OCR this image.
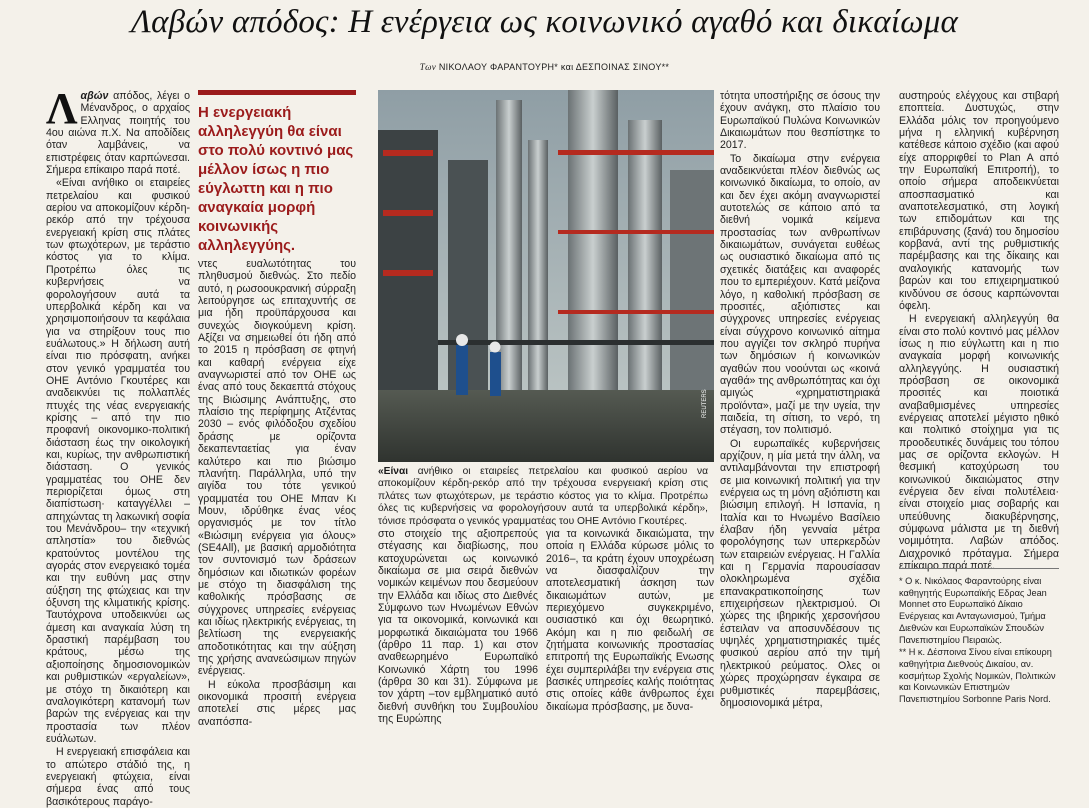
Λαβών απόδος: Η ενέργεια ως κοινωνικό αγαθό και δικαίωμα
Των ΝΙΚΟΛΑΟΥ ΦΑΡΑΝΤΟΥΡΗ* και ΔΕΣΠΟΙΝΑΣ ΣΙΝΟΥ**

Λαβών απόδος, λέγει ο Μένανδρος, ο αρχαίος Ελληνας ποιητής του 4ου αιώνα π.Χ. Να αποδίδεις όταν λαμβάνεις, να επιστρέφεις όταν καρπώνεσαι. Σήμερα επίκαιρο παρά ποτέ.

«Είναι ανήθικο οι εταιρείες πετρελαίου και φυσικού αερίου να αποκομίζουν κέρδη-ρεκόρ από την τρέχουσα ενεργειακή κρίση στις πλάτες των φτωχότερων, με τεράστιο κόστος για το κλίμα. Προτρέπω όλες τις κυβερνήσεις να φορολογήσουν αυτά τα υπερβολικά κέρδη και να χρησιμοποιήσουν τα κεφάλαια για να στηρίξουν τους πιο ευάλωτους.» Η δήλωση αυτή είναι πιο πρόσφατη, ανήκει στον γενικό γραμματέα του ΟΗΕ Αντόνιο Γκουτέρες και αναδεικνύει τις πολλαπλές πτυχές της νέας ενεργειακής κρίσης – από την πιο προφανή οικονομικο-πολιτική διάσταση έως την οικολογική και, κυρίως, την ανθρωπιστική διάσταση. Ο γενικός γραμματέας του ΟΗΕ δεν περιορίζεται όμως στη διαπίστωση· καταγγέλλει –απηχώντας τη λακωνική σοφία του Μενάνδρου– την «τεχνική απληστία» του διεθνώς κρατούντος μοντέλου της αγοράς στον ενεργειακό τομέα και την ευθύνη μας στην αύξηση της φτώχειας και την όξυνση της κλιματικής κρίσης. Ταυτόχρονα υποδεικνύει ως άμεση και αναγκαία λύση τη δραστική παρέμβαση του κράτους, μέσω της αξιοποίησης δημοσιονομικών και ρυθμιστικών «εργαλείων», με στόχο τη δικαιότερη και αναλογικότερη κατανομή των βαρών της ενέργειας και την προστασία των πλέον ευάλωτων.

Η ενεργειακή επισφάλεια και το απώτερο στάδιό της, η ενεργειακή φτώχεια, είναι σήμερα ένας από τους βασικότερους παράγο-

Η ενεργειακή αλληλεγγύη θα είναι στο πολύ κοντινό μας μέλλον ίσως η πιο εύγλωττη και η πιο αναγκαία μορφή κοινωνικής αλληλεγγύης.

ντες ευαλωτότητας του πληθυσμού διεθνώς. Στο πεδίο αυτό, η ρωσοουκρανική σύρραξη λειτούργησε ως επιταχυντής σε μια ήδη προϋπάρχουσα και συνεχώς διογκούμενη κρίση. Αξίζει να σημειωθεί ότι ήδη από το 2015 η πρόσβαση σε φτηνή και καθαρή ενέργεια είχε αναγνωριστεί από τον ΟΗΕ ως ένας από τους δεκαεπτά στόχους της Βιώσιμης Ανάπτυξης, στο πλαίσιο της περίφημης Ατζέντας 2030 – ενός φιλόδοξου σχεδίου δράσης με ορίζοντα δεκαπενταετίας για έναν καλύτερο και πιο βιώσιμο πλανήτη. Παράλληλα, υπό την αιγίδα του τότε γενικού γραμματέα του ΟΗΕ Μπαν Κι Μουν, ιδρύθηκε ένας νέος οργανισμός με τον τίτλο «Βιώσιμη ενέργεια για όλους» (SE4All), με βασική αρμοδιότητα τον συντονισμό των δράσεων δημόσιων και ιδιωτικών φορέων με στόχο τη διασφάλιση της καθολικής πρόσβασης σε σύγχρονες υπηρεσίες ενέργειας και ιδίως ηλεκτρικής ενέργειας, τη βελτίωση της ενεργειακής αποδοτικότητας και την αύξηση της χρήσης ανανεώσιμων πηγών ενέργειας.

Η εύκολα προσβάσιμη και οικονομικά προσιτή ενέργεια αποτελεί στις μέρες μας αναπόσπα-

REUTERS
«Είναι ανήθικο οι εταιρείες πετρελαίου και φυσικού αερίου να αποκομίζουν κέρδη-ρεκόρ από την τρέχουσα ενεργειακή κρίση στις πλάτες των φτωχότερων, με τεράστιο κόστος για το κλίμα. Προτρέπω όλες τις κυβερνήσεις να φορολογήσουν αυτά τα υπερβολικά κέρδη», τόνισε πρόσφατα ο γενικός γραμματέας του ΟΗΕ Αντόνιο Γκουτέρες.

στο στοιχείο της αξιοπρεπούς στέγασης και διαβίωσης, που κατοχυρώνεται ως κοινωνικό δικαίωμα σε μια σειρά διεθνών νομικών κειμένων που δεσμεύουν την Ελλάδα και ιδίως στο Διεθνές Σύμφωνο των Ηνωμένων Εθνών για τα οικονομικά, κοινωνικά και μορφωτικά δικαιώματα του 1966 (άρθρο 11 παρ. 1) και στον αναθεωρημένο Ευρωπαϊκό Κοινωνικό Χάρτη του 1996 (άρθρα 30 και 31). Σύμφωνα με τον χάρτη –τον εμβληματικό αυτό διεθνή συνθήκη του Συμβουλίου της Ευρώπης

για τα κοινωνικά δικαιώματα, την οποία η Ελλάδα κύρωσε μόλις το 2016–, τα κράτη έχουν υποχρέωση να διασφαλίζουν την αποτελεσματική άσκηση των δικαιωμάτων αυτών, με περιεχόμενο συγκεκριμένο, ουσιαστικό και όχι θεωρητικό. Ακόμη και η πιο φειδωλή σε ζητήματα κοινωνικής προστασίας επιτροπή της Ευρωπαϊκής Ενωσης έχει συμπεριλάβει την ενέργεια στις βασικές υπηρεσίες καλής ποιότητας στις οποίες κάθε άνθρωπος έχει δικαίωμα πρόσβασης, με δυνα-

τότητα υποστήριξης σε όσους την έχουν ανάγκη, στο πλαίσιο του Ευρωπαϊκού Πυλώνα Κοινωνικών Δικαιωμάτων που θεσπίστηκε το 2017.

Το δικαίωμα στην ενέργεια αναδεικνύεται πλέον διεθνώς ως κοινωνικό δικαίωμα, το οποίο, αν και δεν έχει ακόμη αναγνωριστεί αυτοτελώς σε κάποιο από τα διεθνή νομικά κείμενα προστασίας των ανθρωπίνων δικαιωμάτων, συνάγεται ευθέως ως ουσιαστικό δικαίωμα από τις σχετικές διατάξεις και αναφορές που το εμπεριέχουν. Κατά μείζονα λόγο, η καθολική πρόσβαση σε προσιτές, αξιόπιστες και σύγχρονες υπηρεσίες ενέργειας είναι σύγχρονο κοινωνικό αίτημα που αγγίζει τον σκληρό πυρήνα των δημόσιων ή κοινωνικών αγαθών που νοούνται ως «κοινά αγαθά» της ανθρωπότητας και όχι αμιγώς «χρηματιστηριακά προϊόντα», μαζί με την υγεία, την παιδεία, τη σίτιση, το νερό, τη στέγαση, τον πολιτισμό.

Οι ευρωπαϊκές κυβερνήσεις αρχίζουν, η μία μετά την άλλη, να αντιλαμβάνονται την επιστροφή σε μια κοινωνική πολιτική για την ενέργεια ως τη μόνη αξιόπιστη και βιώσιμη επιλογή. Η Ισπανία, η Ιταλία και το Ηνωμένο Βασίλειο έλαβαν ήδη γενναία μέτρα φορολόγησης των υπερκερδών των εταιρειών ενέργειας. Η Γαλλία και η Γερμανία παρουσίασαν ολοκληρωμένα σχέδια επανακρατικοποίησης των επιχειρήσεων ηλεκτρισμού. Οι χώρες της ιβηρικής χερσονήσου έστειλαν να αποσυνδέσουν τις υψηλές χρηματιστηριακές τιμές φυσικού αερίου από την τιμή ηλεκτρικού ρεύματος. Ολες οι χώρες προχώρησαν έγκαιρα σε ρυθμιστικές παρεμβάσεις, δημοσιονομικά μέτρα,

αυστηρούς ελέγχους και στιβαρή εποπτεία. Δυστυχώς, στην Ελλάδα μόλις τον προηγούμενο μήνα η ελληνική κυβέρνηση κατέθεσε κάποιο σχέδιο (και αφού είχε απορριφθεί το Plan A από την Ευρωπαϊκή Επιτροπή), το οποίο σήμερα αποδεικνύεται αποσπασματικό και αναποτελεσματικό, στη λογική των επιδομάτων και της επιβάρυνσης (ξανά) του δημοσίου κορβανά, αντί της ρυθμιστικής παρέμβασης και της δίκαιης και αναλογικής κατανομής των βαρών και του επιχειρηματικού κινδύνου σε όσους καρπώνονται όφελη.

Η ενεργειακή αλληλεγγύη θα είναι στο πολύ κοντινό μας μέλλον ίσως η πιο εύγλωττη και η πιο αναγκαία μορφή κοινωνικής αλληλεγγύης. Η ουσιαστική πρόσβαση σε οικονομικά προσιτές και ποιοτικά αναβαθμισμένες υπηρεσίες ενέργειας αποτελεί μέγιστο ηθικό και πολιτικό στοίχημα για τις προοδευτικές δυνάμεις του τόπου μας σε ορίζοντα εκλογών. Η θεσμική κατοχύρωση του κοινωνικού δικαιώματος στην ενέργεια δεν είναι πολυτέλεια· είναι στοιχείο μιας σοβαρής και υπεύθυνης διακυβέρνησης, σύμφωνα μάλιστα με τη διεθνή νομιμότητα. Λαβών απόδος. Διαχρονικό πρόταγμα. Σήμερα επίκαιρο παρά ποτέ.

* Ο κ. Νικόλαος Φαραντούρης είναι καθηγητής Ευρωπαϊκής Εδρας Jean Monnet στο Ευρωπαϊκό Δίκαιο Ενέργειας και Ανταγωνισμού, Τμήμα Διεθνών και Ευρωπαϊκών Σπουδών Πανεπιστημίου Πειραιώς.

** Η κ. Δέσποινα Σίνου είναι επίκουρη καθηγήτρια Διεθνούς Δικαίου, αν. κοσμήτωρ Σχολής Νομικών, Πολιτικών και Κοινωνικών Επιστημών Πανεπιστημίου Sorbonne Paris Nord.
